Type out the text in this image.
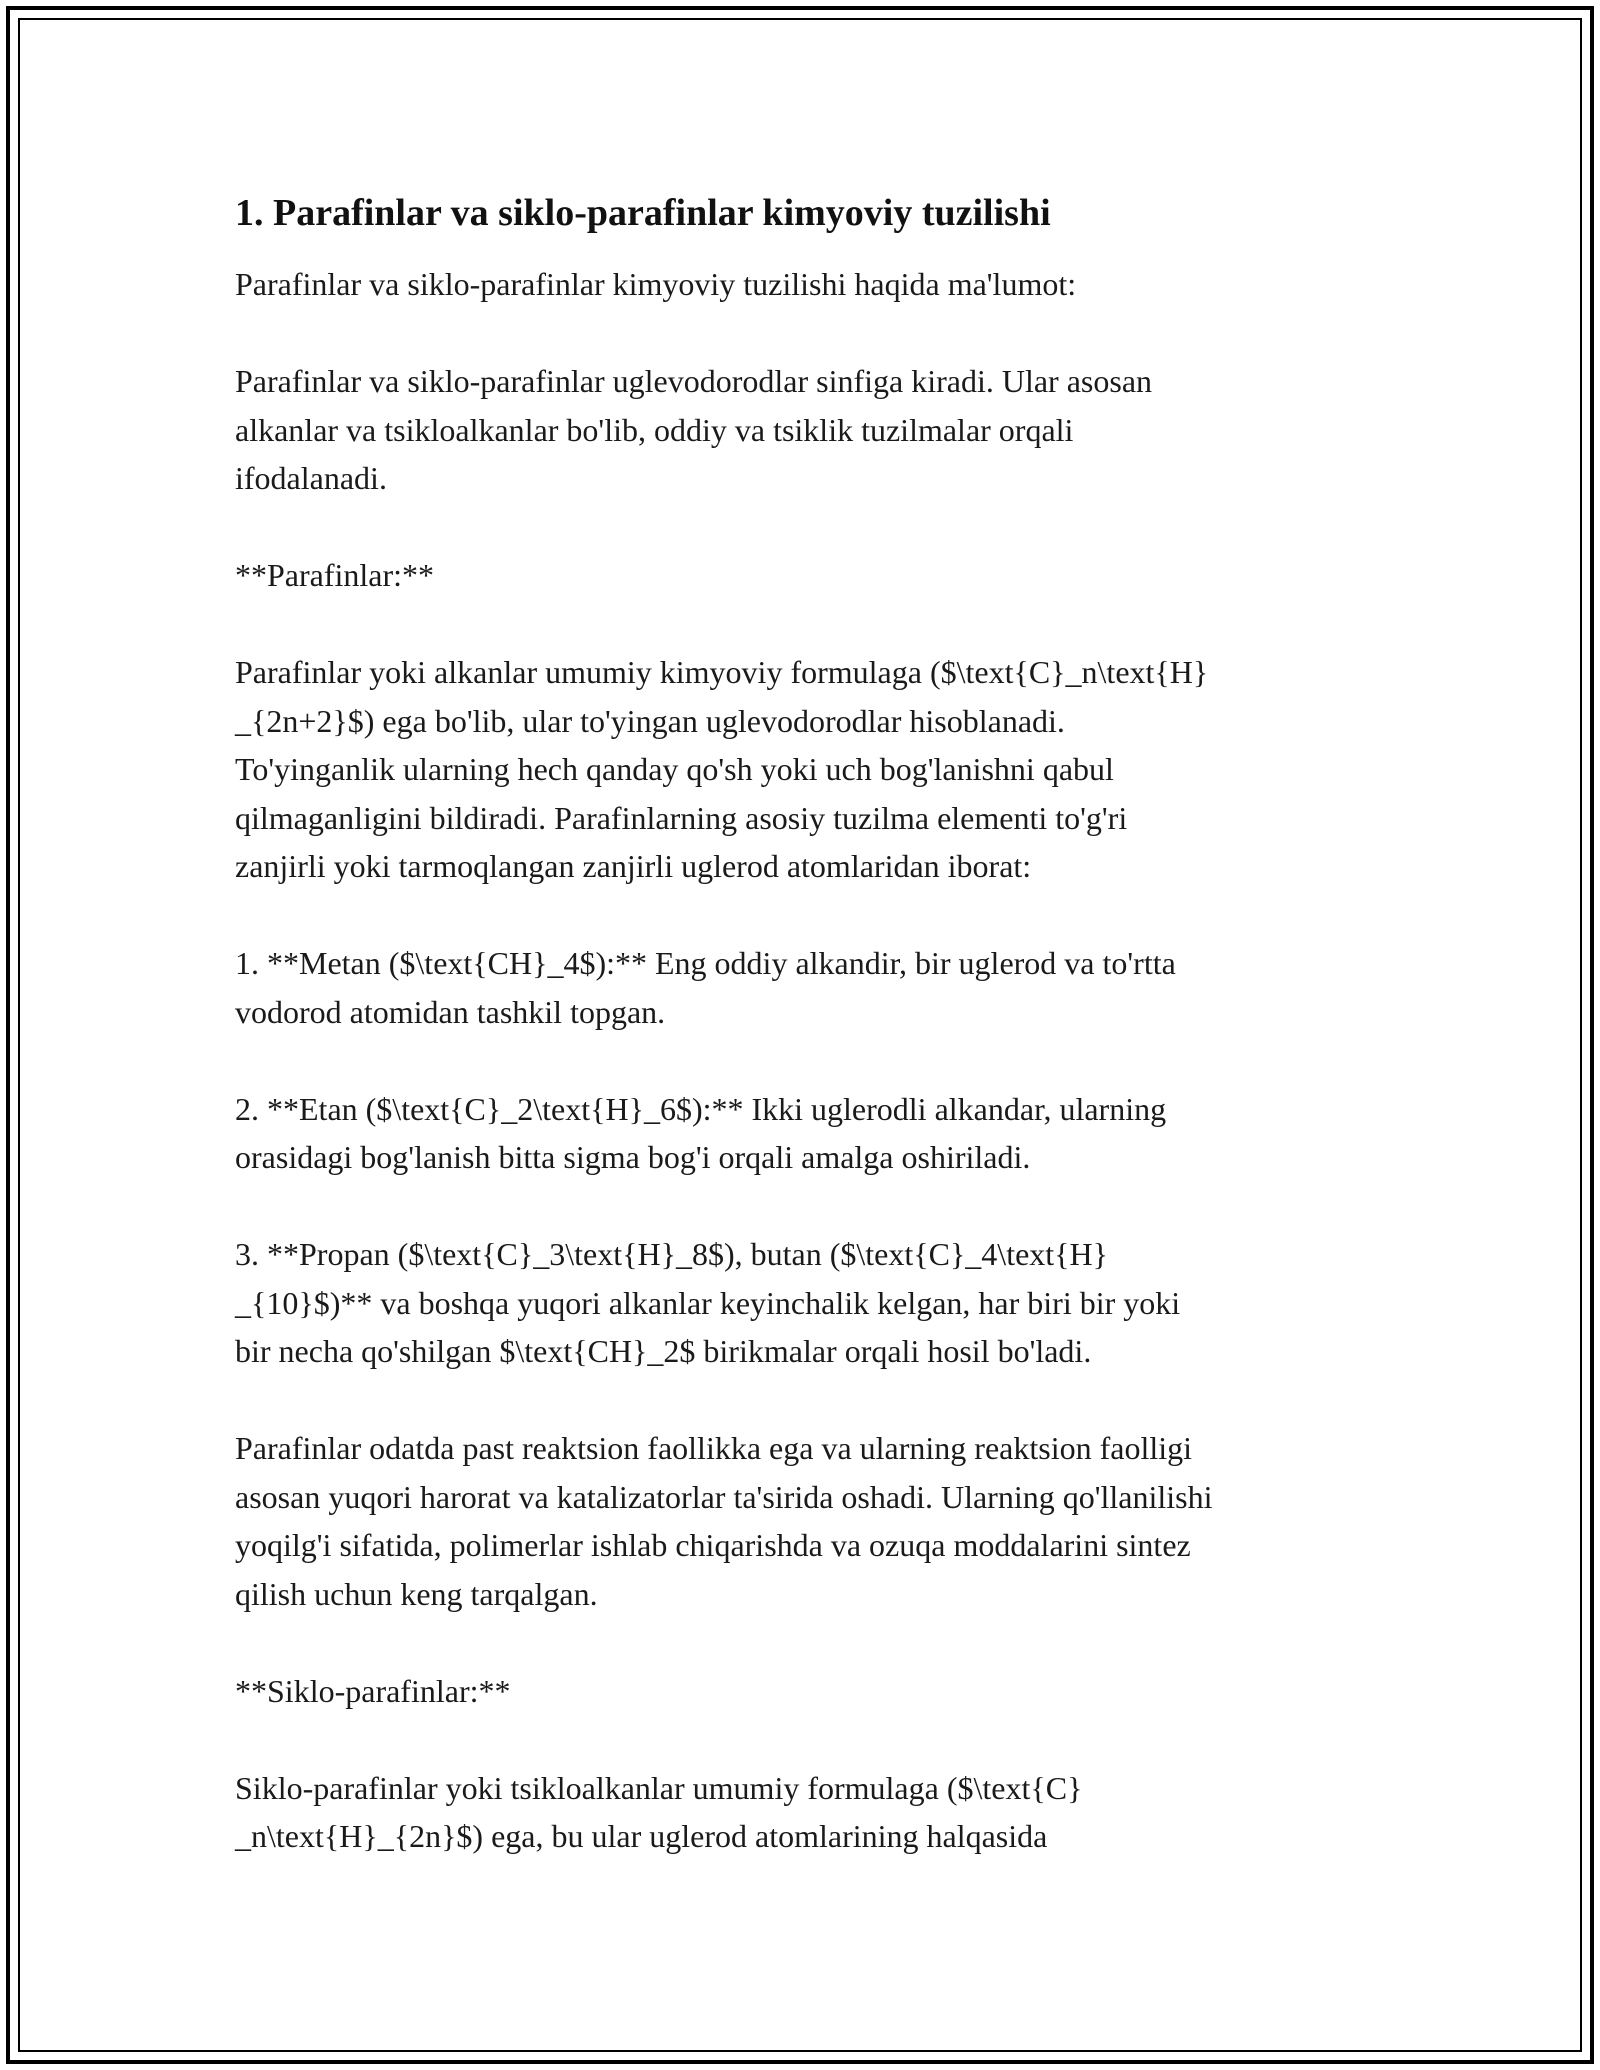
1. Parafinlar va siklo-parafinlar kimyoviy tuzilishi

Parafinlar va siklo-parafinlar kimyoviy tuzilishi haqida ma'lumot:

Parafinlar va siklo-parafinlar uglevodorodlar sinfiga kiradi. Ular asosan
alkanlar va tsikloalkanlar bo'lib, oddiy va tsiklik tuzilmalar orqali
ifodalanadi.

**Parafinlar:**

Parafinlar yoki alkanlar umumiy kimyoviy formulaga ($\text{C}_n\text{H}
_{2n+2}$) ega bo'lib, ular to'yingan uglevodorodlar hisoblanadi.
To'yinganlik ularning hech qanday qo'sh yoki uch bog'lanishni qabul
qilmaganligini bildiradi. Parafinlarning asosiy tuzilma elementi to'g'ri
zanjirli yoki tarmoqlangan zanjirli uglerod atomlaridan iborat:

1. **Metan ($\text{CH}_4$):** Eng oddiy alkandir, bir uglerod va to'rtta
vodorod atomidan tashkil topgan.

2. **Etan ($\text{C}_2\text{H}_6$):** Ikki uglerodli alkandar, ularning
orasidagi bog'lanish bitta sigma bog'i orqali amalga oshiriladi.

3. **Propan ($\text{C}_3\text{H}_8$), butan ($\text{C}_4\text{H}
_{10}$)** va boshqa yuqori alkanlar keyinchalik kelgan, har biri bir yoki
bir necha qo'shilgan $\text{CH}_2$ birikmalar orqali hosil bo'ladi.

Parafinlar odatda past reaktsion faollikka ega va ularning reaktsion faolligi
asosan yuqori harorat va katalizatorlar ta'sirida oshadi. Ularning qo'llanilishi
yoqilg'i sifatida, polimerlar ishlab chiqarishda va ozuqa moddalarini sintez
qilish uchun keng tarqalgan.

**Siklo-parafinlar:**

Siklo-parafinlar yoki tsikloalkanlar umumiy formulaga ($\text{C}
_n\text{H}_{2n}$) ega, bu ular uglerod atomlarining halqasida
